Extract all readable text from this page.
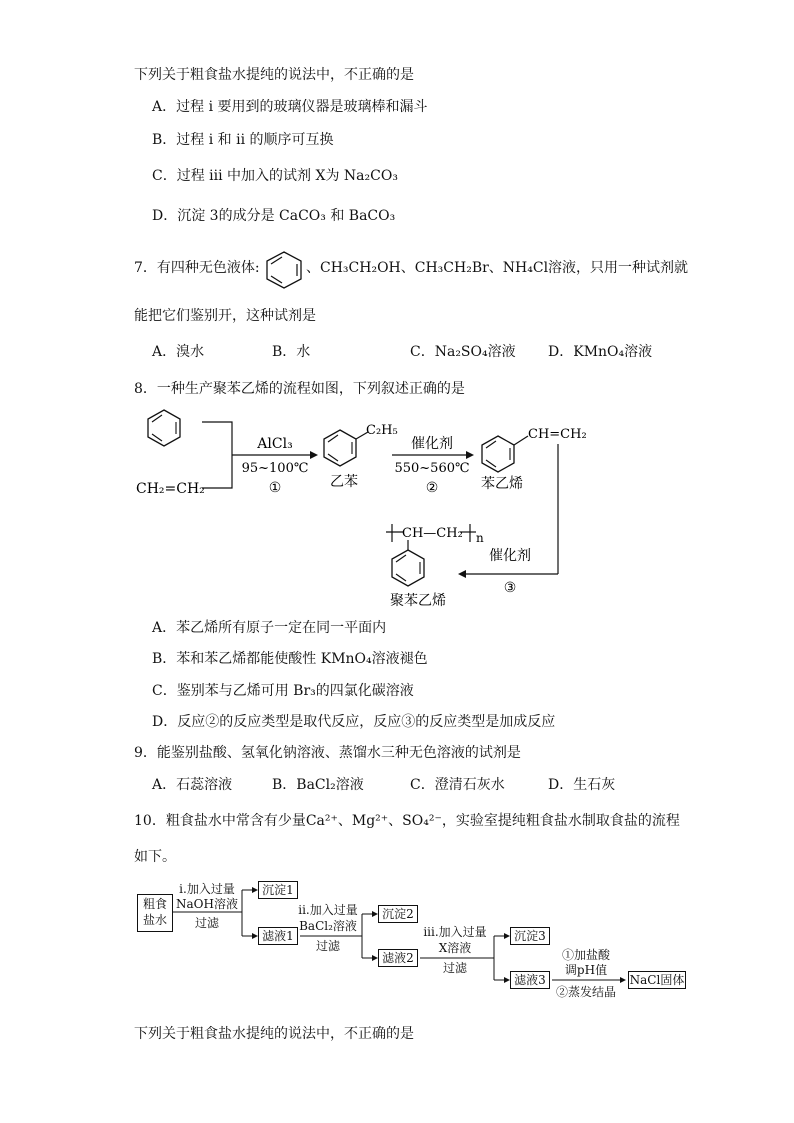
下列关于粗食盐水提纯的说法中，不正确的是
A．过程 i 要用到的玻璃仪器是玻璃棒和漏斗
B．过程 i 和 ii 的顺序可互换
C．过程 iii 中加入的试剂 X为 Na₂CO₃
D．沉淀 3的成分是 CaCO₃ 和 BaCO₃
7．有四种无色液体:	、CH₃CH₂OH、CH₃CH₂Br、NH₄Cl溶液，只用一种试剂就
能把它们鉴别开，这种试剂是
A．溴水	B．水	C．Na₂SO₄溶液 D．KMnO₄溶液
8．一种生产聚苯乙烯的流程如图，下列叙述正确的是
CH₂=CH₂
AlCl₃
95~100℃
①
C₂H₅
乙苯
催化剂
550~560℃
②
CH=CH₂
苯乙烯
催化剂
③
CH—CH₂ n
聚苯乙烯
A．苯乙烯所有原子一定在同一平面内
B．苯和苯乙烯都能使酸性 KMnO₄溶液褪色
C．鉴别苯与乙烯可用 Br₃的四氯化碳溶液
D．反应②的反应类型是取代反应，反应③的反应类型是加成反应
9．能鉴别盐酸、氢氧化钠溶液、蒸馏水三种无色溶液的试剂是
A．石蕊溶液	B．BaCl₂溶液	C．澄清石灰水	D．生石灰
10．粗食盐水中常含有少量Ca²⁺、Mg²⁺、SO₄²⁻，实验室提纯粗食盐水制取食盐的流程
如下。
粗食盐水
i.加入过量
NaOH溶液
过滤
沉淀1
滤液1
ii.加入过量
BaCl₂溶液
过滤
沉淀2
滤液2
iii.加入过量
X溶液
过滤
沉淀3
滤液3
①加盐酸
调pH值
②蒸发结晶
NaCl固体
下列关于粗食盐水提纯的说法中，不正确的是
